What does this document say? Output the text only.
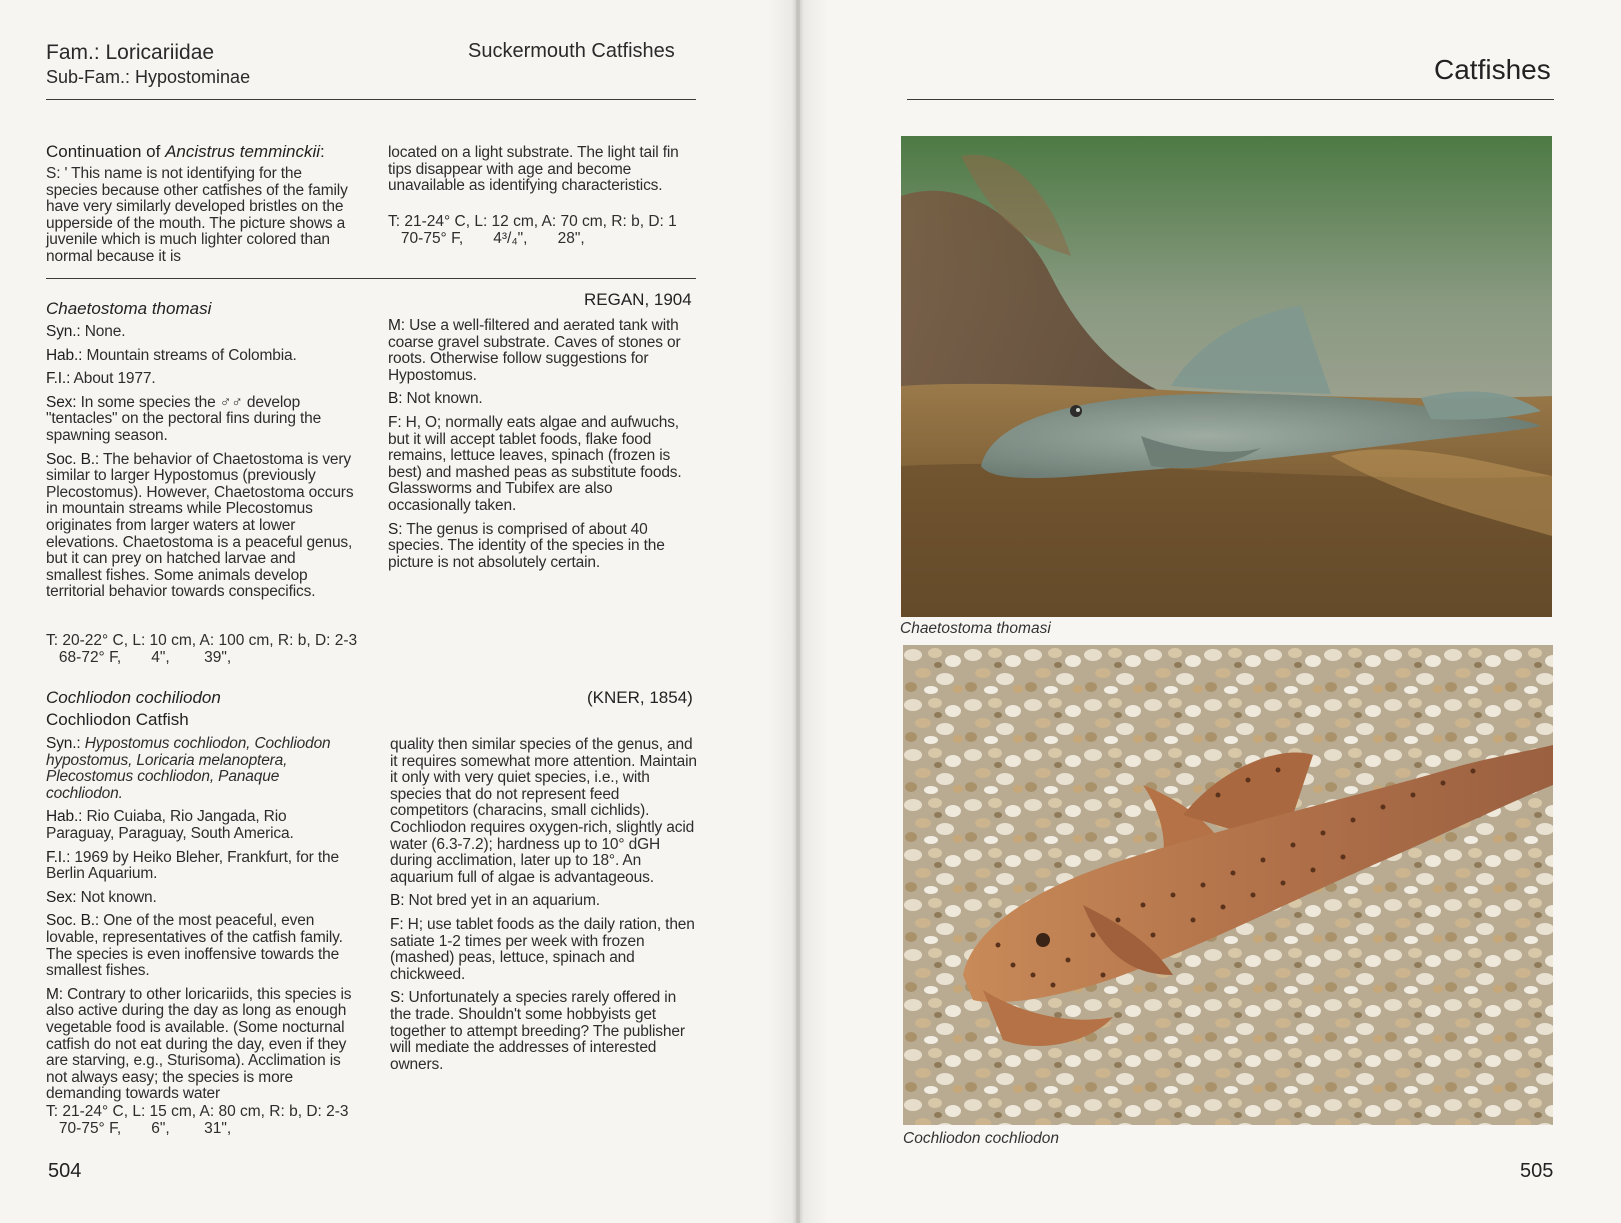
Fam.: Loricariidae
Sub-Fam.: Hypostominae
Suckermouth Catfishes
Continuation of Ancistrus temminckii:
S: ' This name is not identifying for the species because other catfishes of the family have very similarly developed bristles on the upperside of the mouth. The picture shows a juvenile which is much lighter colored than normal because it is
located on a light substrate. The light tail fin tips disappear with age and become unavailable as identifying characteristics.
T: 21-24° C, L: 12 cm, A: 70 cm, R: b, D: 1
70-75° F,       4³/₄",       28",
Chaetostoma thomasi	REGAN, 1904

Syn.: None.

Hab.: Mountain streams of Colombia.

F.I.: About 1977.

Sex: In some species the ♂♂ develop "tentacles" on the pectoral fins during the spawning season.

Soc. B.: The behavior of Chaetostoma is very similar to larger Hypostomus (previously Plecostomus). However, Chaetostoma occurs in mountain streams while Plecostomus originates from larger waters at lower elevations. Chaetostoma is a peaceful genus, but it can prey on hatched larvae and smallest fishes. Some animals develop territorial behavior towards conspecifics.

M: Use a well-filtered and aerated tank with coarse gravel substrate. Caves of stones or roots. Otherwise follow suggestions for Hypostomus.

B: Not known.

F: H, O; normally eats algae and aufwuchs, but it will accept tablet foods, flake food remains, lettuce leaves, spinach (frozen is best) and mashed peas as substitute foods. Glassworms and Tubifex are also occasionally taken.

S: The genus is comprised of about 40 species. The identity of the species in the picture is not absolutely certain.

T: 20-22° C, L: 10 cm, A: 100 cm, R: b, D: 2-3
68-72° F,       4",        39",
Cochliodon cochiliodon
Cochliodon Catfish
(KNER, 1854)

Syn.: Hypostomus cochliodon, Cochliodon hypostomus, Loricaria melanoptera, Plecostomus cochliodon, Panaque cochliodon.

Hab.: Rio Cuiaba, Rio Jangada, Rio Paraguay, Paraguay, South America.

F.I.: 1969 by Heiko Bleher, Frankfurt, for the Berlin Aquarium.

Sex: Not known.

Soc. B.: One of the most peaceful, even lovable, representatives of the catfish family. The species is even inoffensive towards the smallest fishes.

M: Contrary to other loricariids, this species is also active during the day as long as enough vegetable food is available. (Some nocturnal catfish do not eat during the day, even if they are starving, e.g., Sturisoma). Acclimation is not always easy; the species is more demanding towards water

quality then similar species of the genus, and it requires somewhat more attention. Maintain it only with very quiet species, i.e., with species that do not represent feed competitors (characins, small cichlids). Cochliodon requires oxygen-rich, slightly acid water (6.3-7.2); hardness up to 10° dGH during acclimation, later up to 18°. An aquarium full of algae is advantageous.

B: Not bred yet in an aquarium.

F: H; use tablet foods as the daily ration, then satiate 1-2 times per week with frozen (mashed) peas, lettuce, spinach and chickweed.

S: Unfortunately a species rarely offered in the trade. Shouldn't some hobbyists get together to attempt breeding? The publisher will mediate the addresses of interested owners.

T: 21-24° C, L: 15 cm, A: 80 cm, R: b, D: 2-3
70-75° F,       6",        31",
504
Catfishes
Chaetostoma thomasi
Cochliodon cochliodon
505
